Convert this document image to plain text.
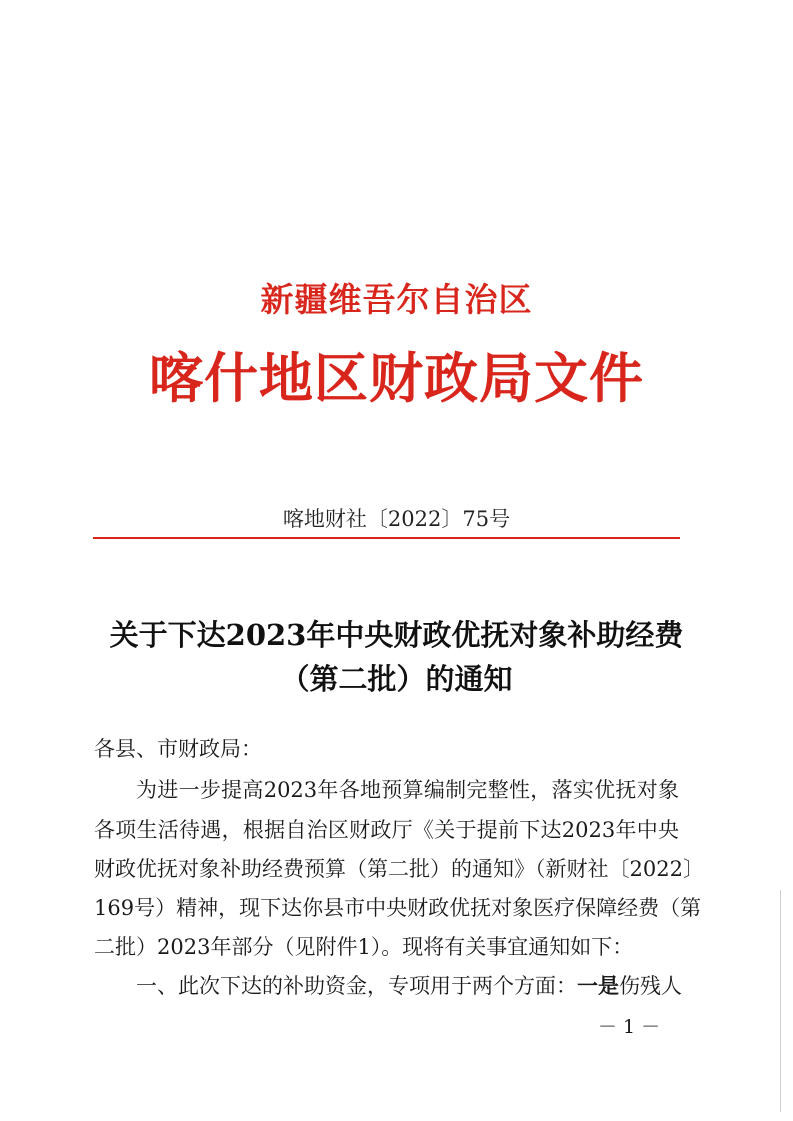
新疆维吾尔自治区
喀什地区财政局文件
喀地财社〔2022〕75号
关于下达2023年中央财政优抚对象补助经费
（第二批）的通知
各县、市财政局：
为进一步提高2023年各地预算编制完整性，落实优抚对象
各项生活待遇，根据自治区财政厅《关于提前下达2023年中央
财政优抚对象补助经费预算（第二批）的通知》（新财社〔2022〕
169号）精神，现下达你县市中央财政优抚对象医疗保障经费（第
二批）2023年部分（见附件1）。现将有关事宜通知如下：
一、此次下达的补助资金，专项用于两个方面：一是伤残人
－ 1 －
